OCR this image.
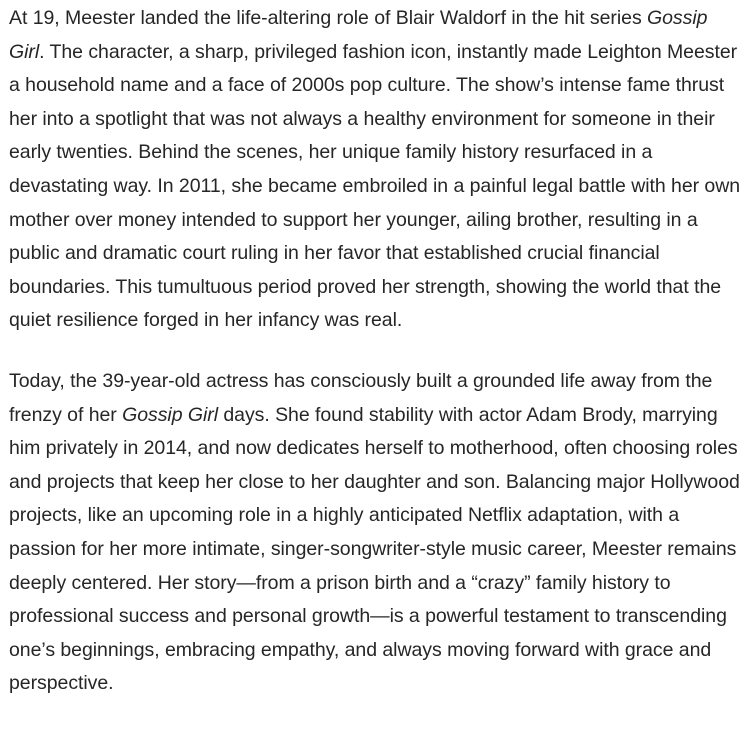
At 19, Meester landed the life-altering role of Blair Waldorf in the hit series Gossip Girl. The character, a sharp, privileged fashion icon, instantly made Leighton Meester a household name and a face of 2000s pop culture. The show’s intense fame thrust her into a spotlight that was not always a healthy environment for someone in their early twenties. Behind the scenes, her unique family history resurfaced in a devastating way. In 2011, she became embroiled in a painful legal battle with her own mother over money intended to support her younger, ailing brother, resulting in a public and dramatic court ruling in her favor that established crucial financial boundaries. This tumultuous period proved her strength, showing the world that the quiet resilience forged in her infancy was real.

Today, the 39-year-old actress has consciously built a grounded life away from the frenzy of her Gossip Girl days. She found stability with actor Adam Brody, marrying him privately in 2014, and now dedicates herself to motherhood, often choosing roles and projects that keep her close to her daughter and son. Balancing major Hollywood projects, like an upcoming role in a highly anticipated Netflix adaptation, with a passion for her more intimate, singer-songwriter-style music career, Meester remains deeply centered. Her story—from a prison birth and a “crazy” family history to professional success and personal growth—is a powerful testament to transcending one’s beginnings, embracing empathy, and always moving forward with grace and perspective.
